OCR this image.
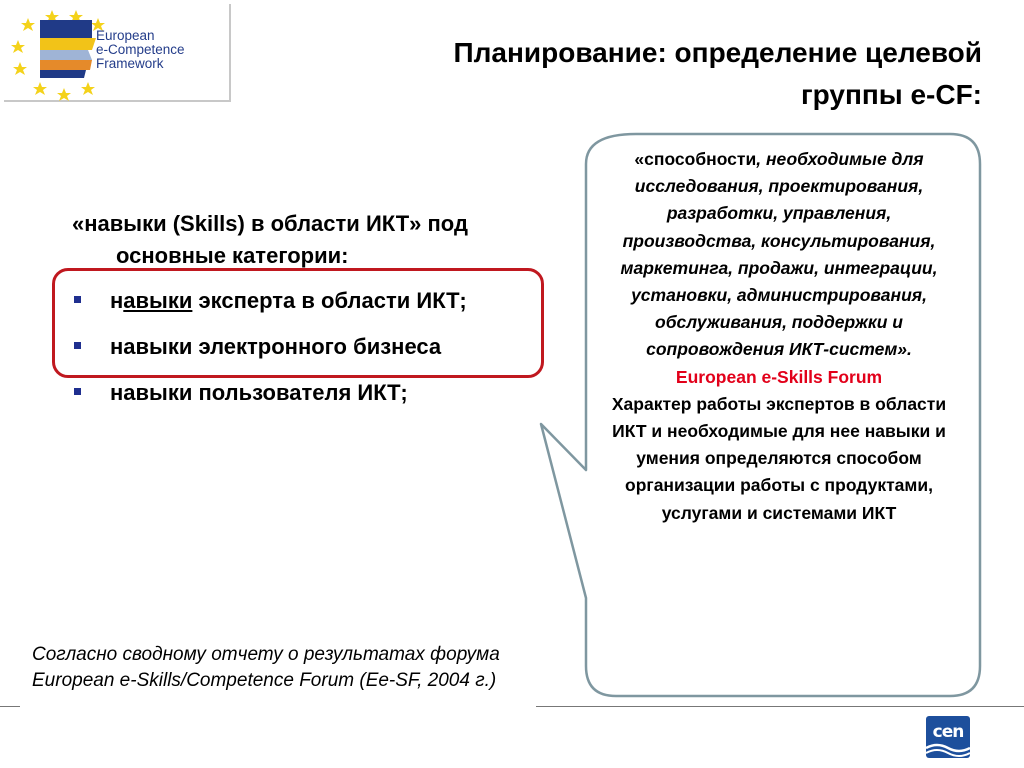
European
e-Competence
Framework	Планирование: определение целевой
группы e-CF:

«навыки (Skills) в области ИКТ» под
основные категории:

навыки эксперта в области ИКТ;
навыки электронного бизнеса
навыки пользователя ИКТ;
«способности, необходимые для исследования, проектирования, разработки, управления, производства, консультирования, маркетинга, продажи, интеграции, установки, администрирования, обслуживания, поддержки и сопровождения ИКТ-систем».
European e-Skills Forum
Характер работы экспертов в области ИКТ и необходимые для нее навыки и умения определяются способом организации работы с продуктами, услугами и системами ИКТ
Согласно сводному отчету о результатах форума European e-Skills/Competence Forum (Ee-SF, 2004 г.)
cen
